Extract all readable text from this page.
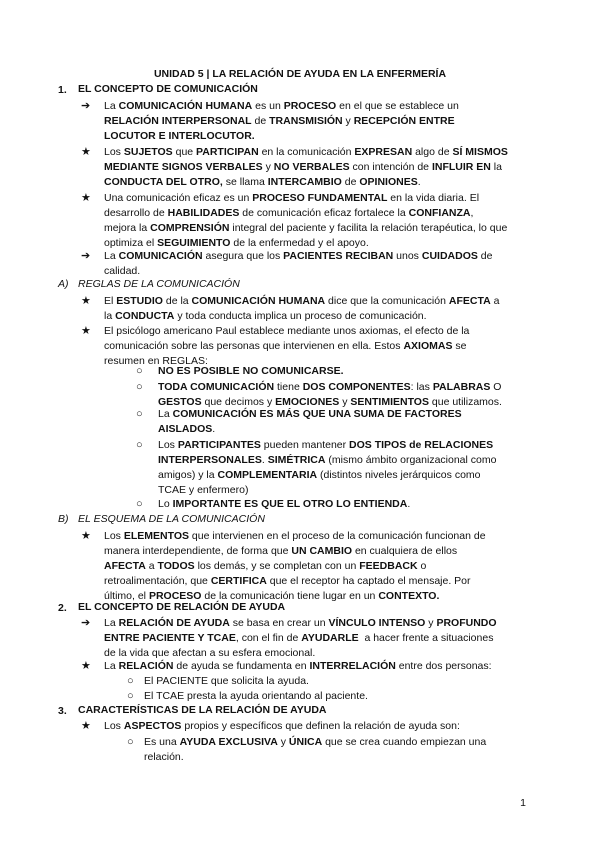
UNIDAD 5 | LA RELACIÓN DE AYUDA EN LA ENFERMERÍA
1. EL CONCEPTO DE COMUNICACIÓN
➔ La COMUNICACIÓN HUMANA es un PROCESO en el que se establece un
RELACIÓN INTERPERSONAL de TRANSMISIÓN y RECEPCIÓN ENTRE
LOCUTOR E INTERLOCUTOR.
★ Los SUJETOS que PARTICIPAN en la comunicación EXPRESAN algo de SÍ MISMOS
MEDIANTE SIGNOS VERBALES y NO VERBALES con intención de INFLUIR EN la
CONDUCTA DEL OTRO, se llama INTERCAMBIO de OPINIONES.
★ Una comunicación eficaz es un PROCESO FUNDAMENTAL en la vida diaria. El
desarrollo de HABILIDADES de comunicación eficaz fortalece la CONFIANZA,
mejora la COMPRENSIÓN integral del paciente y facilita la relación terapéutica, lo que
optimiza el SEGUIMIENTO de la enfermedad y el apoyo.
➔ La COMUNICACIÓN asegura que los PACIENTES RECIBAN unos CUIDADOS de
calidad.
A) REGLAS DE LA COMUNICACIÓN
★ El ESTUDIO de la COMUNICACIÓN HUMANA dice que la comunicación AFECTA a
la CONDUCTA y toda conducta implica un proceso de comunicación.
★ El psicólogo americano Paul establece mediante unos axiomas, el efecto de la
comunicación sobre las personas que intervienen en ella. Estos AXIOMAS se
resumen en REGLAS:
○ NO ES POSIBLE NO COMUNICARSE.
○ TODA COMUNICACIÓN tiene DOS COMPONENTES: las PALABRAS O
GESTOS que decimos y EMOCIONES y SENTIMIENTOS que utilizamos.
○ La COMUNICACIÓN ES MÁS QUE UNA SUMA DE FACTORES
AISLADOS.
○ Los PARTICIPANTES pueden mantener DOS TIPOS de RELACIONES
INTERPERSONALES. SIMÉTRICA (mismo ámbito organizacional como
amigos) y la COMPLEMENTARIA (distintos niveles jerárquicos como
TCAE y enfermero)
○ Lo IMPORTANTE ES QUE EL OTRO LO ENTIENDA.
B) EL ESQUEMA DE LA COMUNICACIÓN
★ Los ELEMENTOS que intervienen en el proceso de la comunicación funcionan de
manera interdependiente, de forma que UN CAMBIO en cualquiera de ellos
AFECTA a TODOS los demás, y se completan con un FEEDBACK o
retroalimentación, que CERTIFICA que el receptor ha captado el mensaje. Por
último, el PROCESO de la comunicación tiene lugar en un CONTEXTO.
2. EL CONCEPTO DE RELACIÓN DE AYUDA
➔ La RELACIÓN DE AYUDA se basa en crear un VÍNCULO INTENSO y PROFUNDO
ENTRE PACIENTE Y TCAE, con el fin de AYUDARLE  a hacer frente a situaciones
de la vida que afectan a su esfera emocional.
★ La RELACIÓN de ayuda se fundamenta en INTERRELACIÓN entre dos personas:
○ El PACIENTE que solicita la ayuda.
○ El TCAE presta la ayuda orientando al paciente.
3. CARACTERÍSTICAS DE LA RELACIÓN DE AYUDA
★ Los ASPECTOS propios y específicos que definen la relación de ayuda son:
○ Es una AYUDA EXCLUSIVA y ÚNICA que se crea cuando empiezan una
relación.
1
